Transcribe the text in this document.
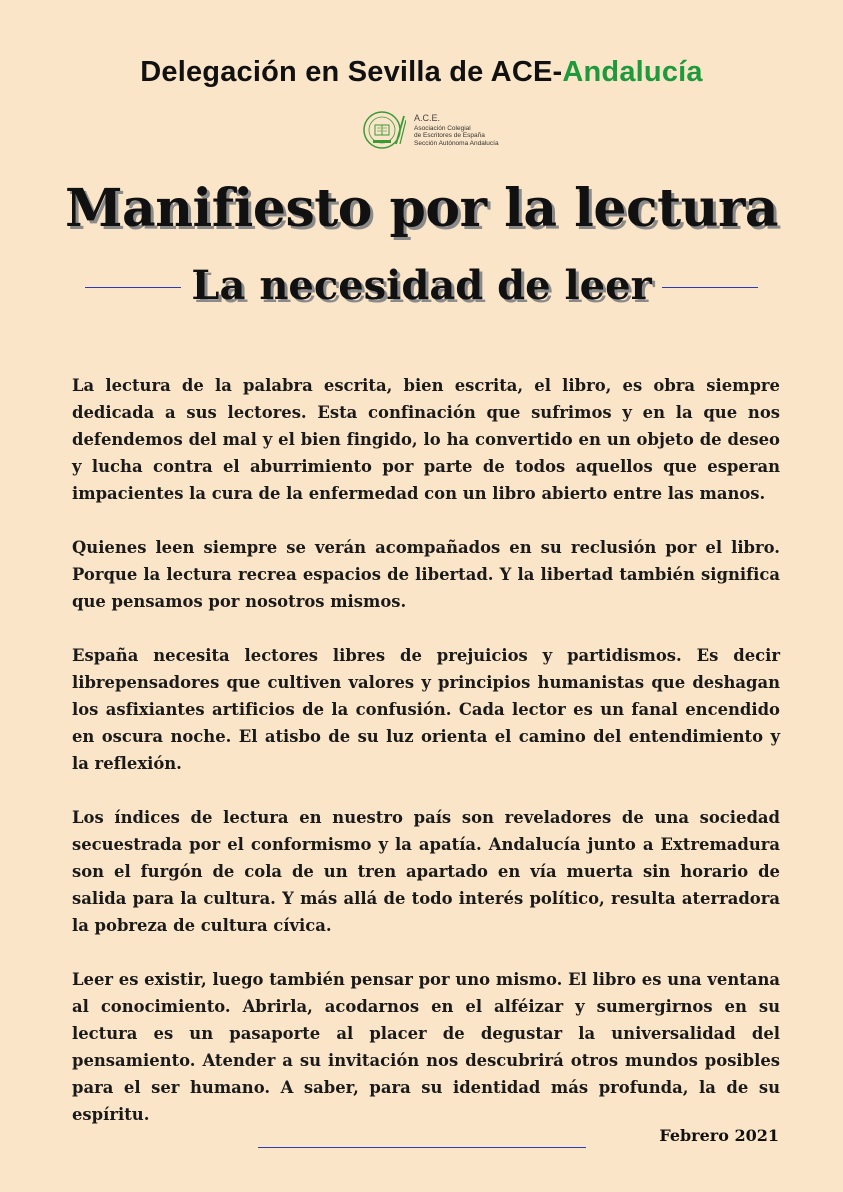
Delegación en Sevilla de ACE-Andalucía
A.C.E.
Asociación Colegial
de Escritores de España
Sección Autónoma Andalucía
Manifiesto por la lectura
La necesidad de leer

La lectura de la palabra escrita, bien escrita, el libro, es obra siempre dedicada a sus lectores. Esta confinación que sufrimos y en la que nos defendemos del mal y el bien fingido, lo ha convertido en un objeto de deseo y lucha contra el aburrimiento por parte de todos aquellos que esperan impacientes la cura de la enfermedad con un libro abierto entre las manos.

Quienes leen siempre se verán acompañados en su reclusión por el libro. Porque la lectura recrea espacios de libertad. Y la libertad también significa que pensamos por nosotros mismos.

España necesita lectores libres de prejuicios y partidismos. Es decir librepensadores que cultiven valores y principios humanistas que deshagan los asfixiantes artificios de la confusión. Cada lector es un fanal encendido en oscura noche. El atisbo de su luz orienta el camino del entendimiento y la reflexión.

Los índices de lectura en nuestro país son reveladores de una sociedad secuestrada por el conformismo y la apatía. Andalucía junto a Extremadura son el furgón de cola de un tren apartado en vía muerta sin horario de salida para la cultura. Y más allá de todo interés político, resulta aterradora la pobreza de cultura cívica.

Leer es existir, luego también pensar por uno mismo. El libro es una ventana al conocimiento. Abrirla, acodarnos en el alféizar y sumergirnos en su lectura es un pasaporte al placer de degustar la universalidad del pensamiento. Atender a su invitación nos descubrirá otros mundos posibles para el ser humano. A saber, para su identidad más profunda, la de su espíritu.

Febrero 2021
